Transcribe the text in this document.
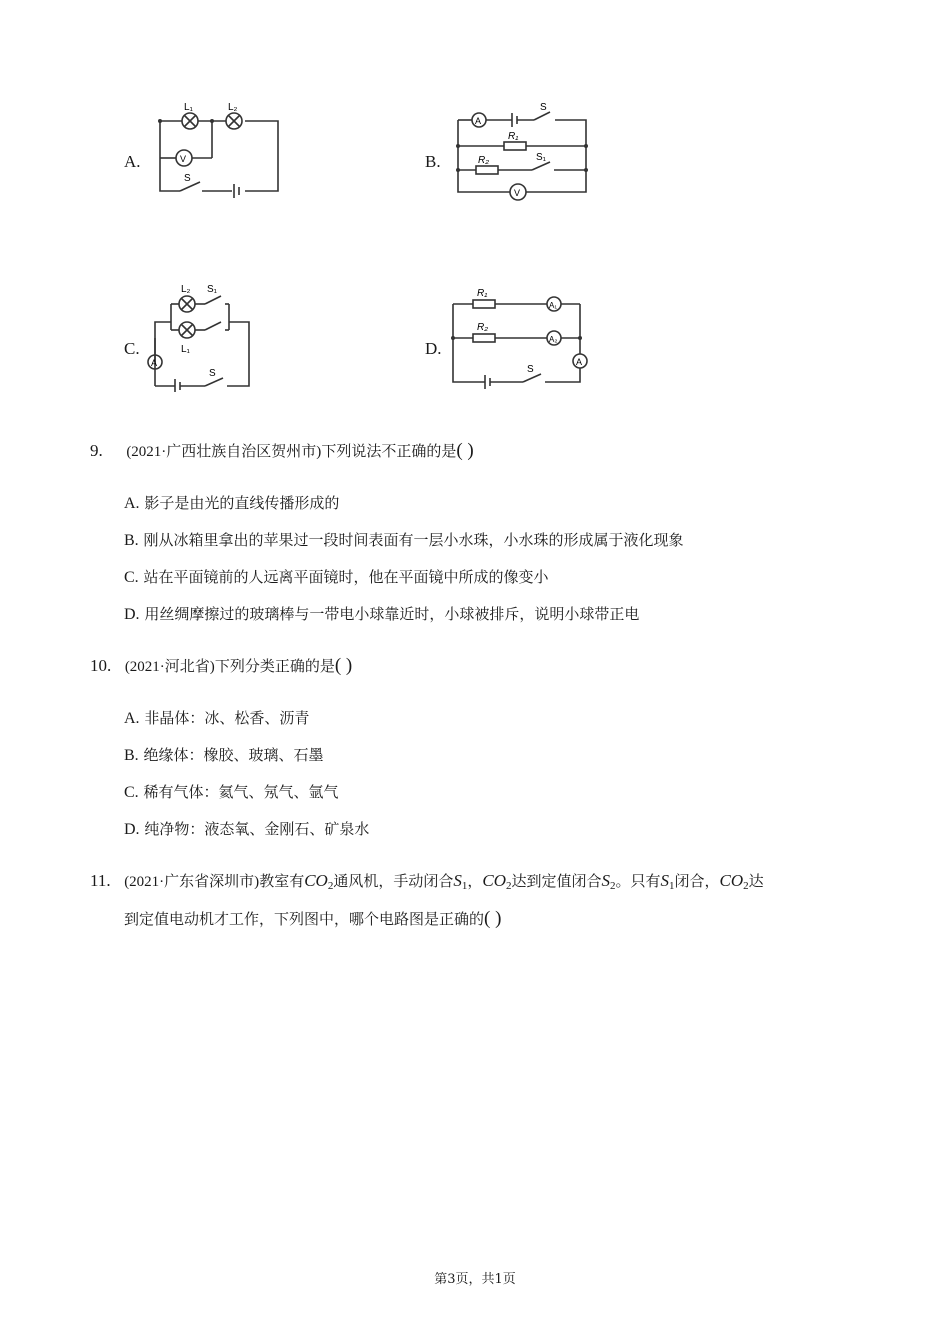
A.
L₁	L₂
V
S
B.
A
S
R₁
R₂	S₁
V
C.
L₂ S₁
L₁
A
S
D.
R₁
A₁
R₂
A₂
A
S
9. (2021·广西壮族自治区贺州市)下列说法不正确的是( )
A. 影子是由光的直线传播形成的
B. 刚从冰箱里拿出的苹果过一段时间表面有一层小水珠，小水珠的形成属于液化现象
C. 站在平面镜前的人远离平面镜时，他在平面镜中所成的像变小
D. 用丝绸摩擦过的玻璃棒与一带电小球靠近时，小球被排斥，说明小球带正电
10. (2021·河北省)下列分类正确的是( )
A. 非晶体：冰、松香、沥青
B. 绝缘体：橡胶、玻璃、石墨
C. 稀有气体：氦气、氖气、氩气
D. 纯净物：液态氧、金刚石、矿泉水
11. (2021·广东省深圳市)教室有$CO_2$通风机，手动闭合$S_1$，$CO_2$达到定值闭合$S_2$。只有$S_1$闭合，$CO_2$达
到定值电动机才工作，下列图中，哪个电路图是正确的( )
第3页，共1页
